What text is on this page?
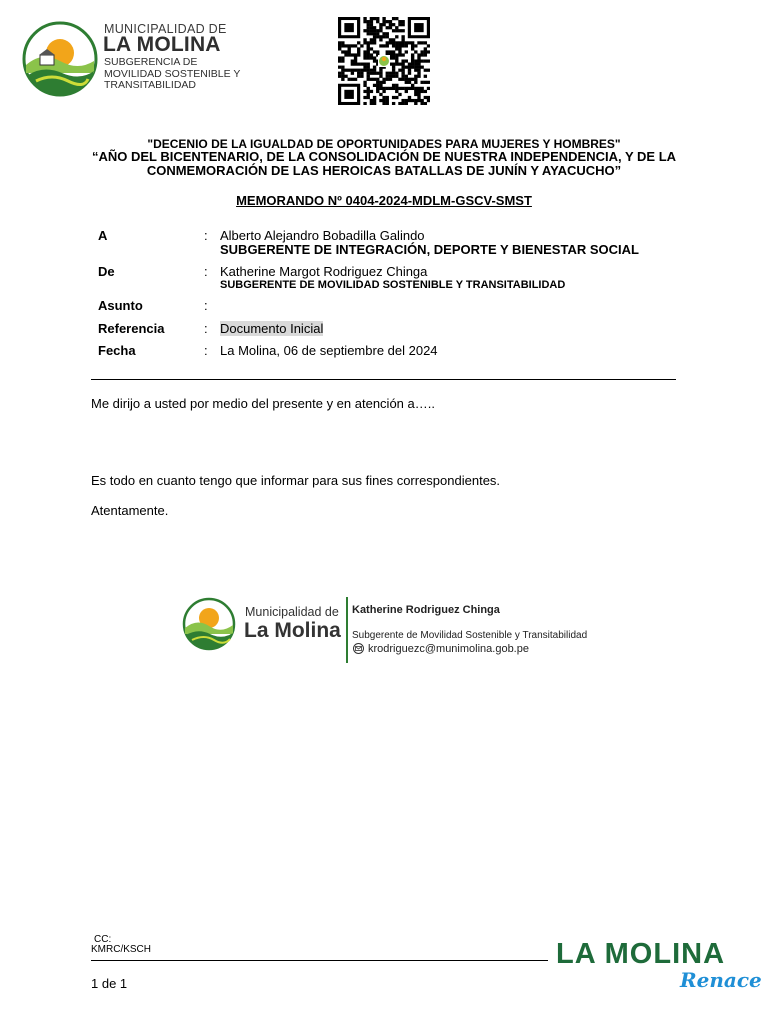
MUNICIPALIDAD DE
LA MOLINA
SUBGERENCIA DE
MOVILIDAD SOSTENIBLE Y
TRANSITABILIDAD
"DECENIO DE LA IGUALDAD DE OPORTUNIDADES PARA MUJERES Y HOMBRES"
“AÑO DEL BICENTENARIO, DE LA CONSOLIDACIÓN DE NUESTRA INDEPENDENCIA, Y DE LA CONMEMORACIÓN DE LAS HEROICAS BATALLAS DE JUNÍN Y AYACUCHO”
MEMORANDO Nº 0404-2024-MDLM-GSCV-SMST
A	: Alberto Alejandro Bobadilla Galindo
SUBGERENTE DE INTEGRACIÓN, DEPORTE Y BIENESTAR SOCIAL
De	: Katherine Margot Rodriguez Chinga
SUBGERENTE DE MOVILIDAD SOSTENIBLE Y TRANSITABILIDAD
Asunto	:
Referencia	: Documento Inicial
Fecha	: La Molina, 06 de septiembre del 2024
Me dirijo a usted por medio del presente y en atención a…..
Es todo en cuanto tengo que informar para sus fines correspondientes.
Atentamente.
Municipalidad de
La Molina
Katherine Rodriguez Chinga
Subgerente de Movilidad Sostenible y Transitabilidad
krodriguezc@munimolina.gob.pe
CC:
KMRC/KSCH
1 de 1
LA MOLINA
Renace
